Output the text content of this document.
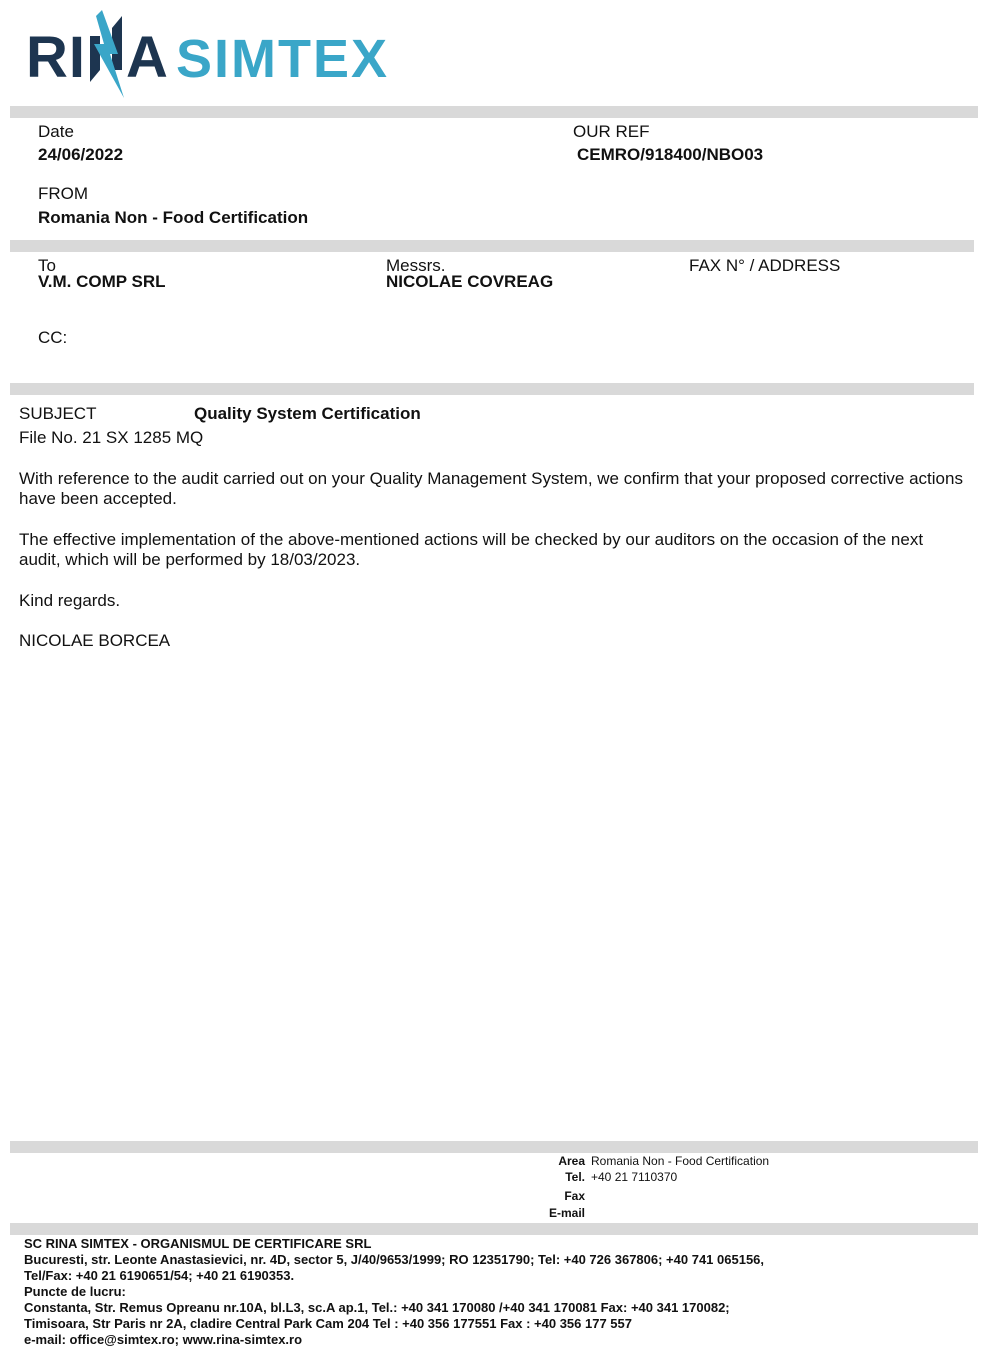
RI A SIMTEX
Date
24/06/2022
OUR REF
CEMRO/918400/NBO03
FROM
Romania Non - Food Certification
To
V.M. COMP SRL
Messrs.
NICOLAE COVREAG
FAX N° / ADDRESS
CC:
SUBJECT	Quality System Certification
File No. 21 SX 1285 MQ
With reference to the audit carried out on your Quality Management System, we confirm that your proposed corrective actions have been accepted.
The effective implementation of the above-mentioned actions will be checked by our auditors on the occasion of the next audit, which will be performed by 18/03/2023.
Kind regards.
NICOLAE BORCEA
Area Romania Non - Food Certification
Tel. +40 21 7110370
Fax
E-mail
SC RINA SIMTEX - ORGANISMUL DE CERTIFICARE SRL
Bucuresti, str. Leonte Anastasievici, nr. 4D, sector 5, J/40/9653/1999; RO 12351790; Tel: +40 726 367806; +40 741 065156,
Tel/Fax: +40 21 6190651/54; +40 21 6190353.
Puncte de lucru:
Constanta, Str. Remus Opreanu nr.10A, bl.L3, sc.A ap.1, Tel.: +40 341 170080 /+40 341 170081 Fax: +40 341 170082;
Timisoara, Str Paris nr 2A, cladire Central Park Cam 204 Tel : +40 356 177551 Fax : +40 356 177 557
e-mail: office@simtex.ro; www.rina-simtex.ro
